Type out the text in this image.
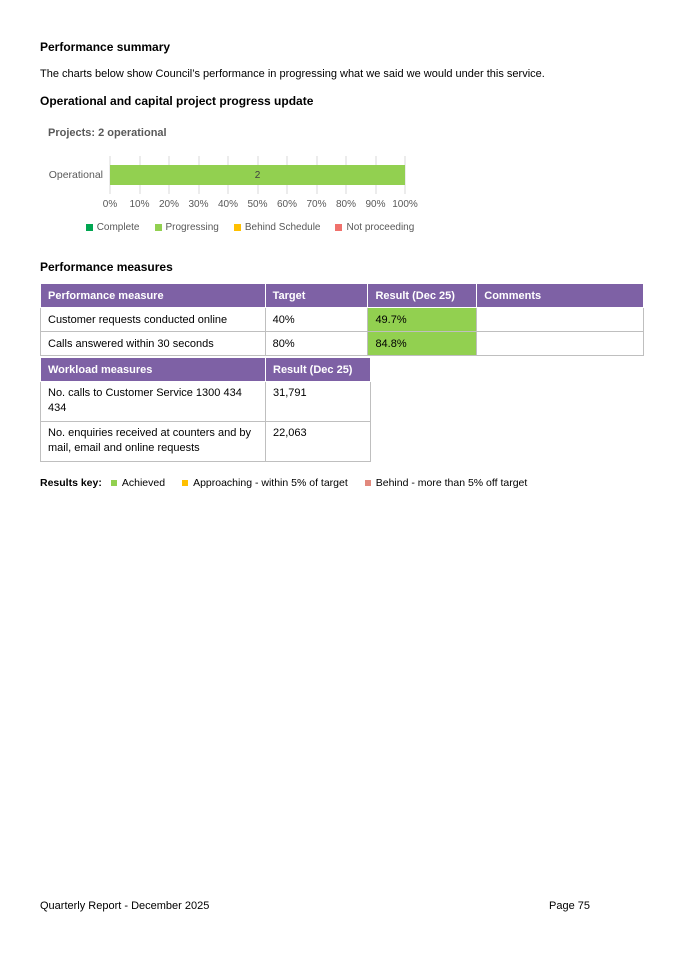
Performance summary

The charts below show Council’s performance in progressing what we said we would under this service.

Operational and capital project progress update
Projects: 2 operational
Operational	2
0% 10% 20% 30% 40% 50% 60% 70% 80% 90% 100%
Complete	Progressing	Behind Schedule	Not proceeding
Performance measures
Performance measure	Target	Result (Dec 25)	Comments
Customer requests conducted online	40%	49.7%	
Calls answered within 30 seconds	80%	84.8%	
Workload measures	Result (Dec 25)
No. calls to Customer Service 1300 434 434	31,791
No. enquiries received at counters and by mail, email and online requests	22,063
Results key: Achieved	Approaching - within 5% of target	Behind - more than 5% off target
Quarterly Report - December 2025	Page 75
